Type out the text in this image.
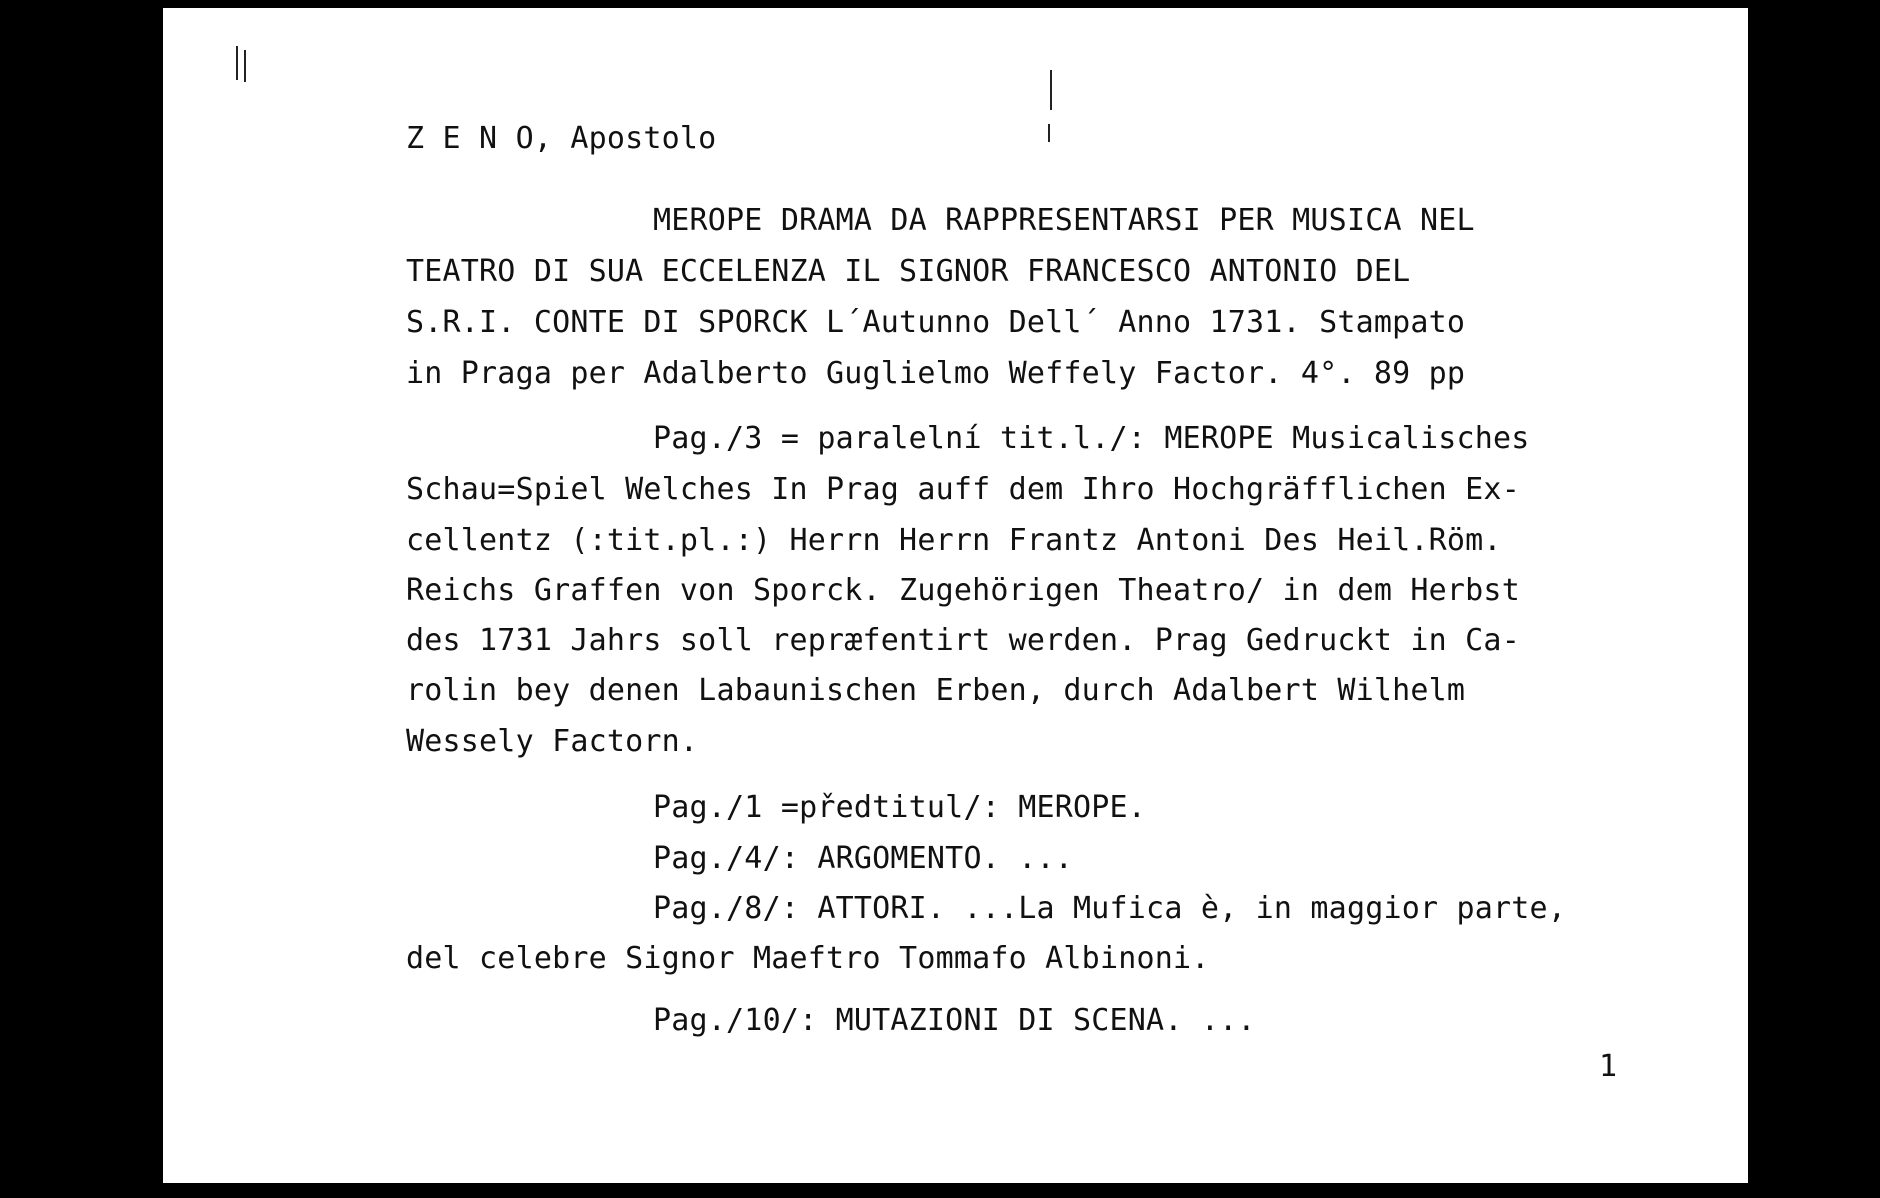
Z E N O, Apostolo
MEROPE DRAMA DA RAPPRESENTARSI PER MUSICA NEL
TEATRO DI SUA ECCELENZA IL SIGNOR FRANCESCO ANTONIO DEL
S.R.I. CONTE DI SPORCK L´Autunno Dell´ Anno 1731. Stampato
in Praga per Adalberto Guglielmo Weffely Factor. 4°. 89 pp
Pag./3 = paralelní tit.l./: MEROPE Musicalisches
Schau=Spiel Welches In Prag auff dem Ihro Hochgräfflichen Ex-
cellentz (:tit.pl.:) Herrn Herrn Frantz Antoni Des Heil.Röm.
Reichs Graffen von Sporck. Zugehörigen Theatro/ in dem Herbst
des 1731 Jahrs soll repræfentirt werden. Prag Gedruckt in Ca-
rolin bey denen Labaunischen Erben, durch Adalbert Wilhelm
Wessely Factorn.
Pag./1 =předtitul/: MEROPE.
Pag./4/: ARGOMENTO. ...
Pag./8/: ATTORI. ...La Mufica è, in maggior parte,
del celebre Signor Maeftro Tommafo Albinoni.
Pag./10/: MUTAZIONI DI SCENA. ...
1
